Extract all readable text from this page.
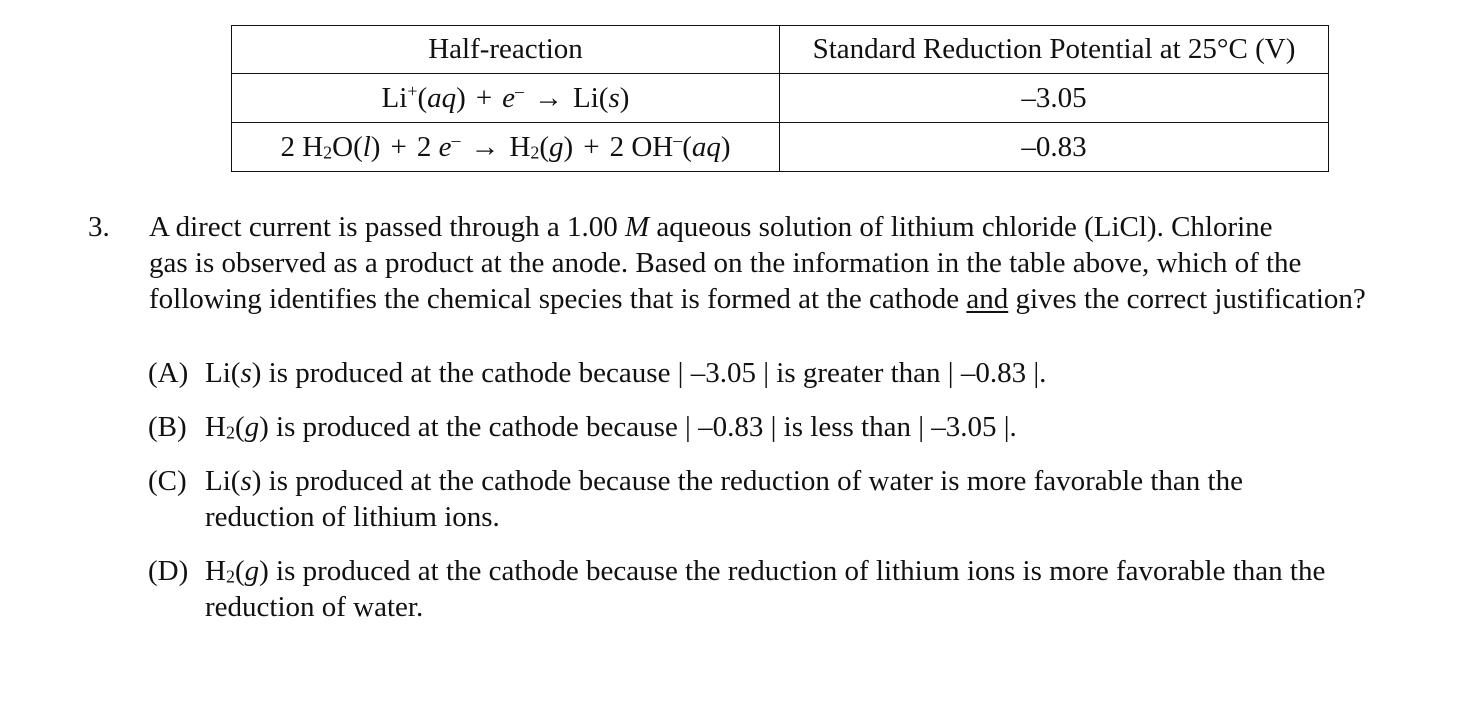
Half-reaction	Standard Reduction Potential at 25°C (V)
Li+(aq) + e– → Li(s)	–3.05
2 $H_2O(l) + 2$ $e^- \to H_2(g) + 2$ OH–(aq)	–0.83
3. A direct current is passed through a 1.00 M aqueous solution of lithium chloride (LiCl). Chlorine
gas is observed as a product at the anode. Based on the information in the table above, which of the
following identifies the chemical species that is formed at the cathode and gives the correct justification?
(A) Li(s) is produced at the cathode because | –3.05 | is greater than | –0.83 |.
(B) $H_2(g)$ is produced at the cathode because | –0.83 | is less than | –3.05 |.
(C) Li(s) is produced at the cathode because the reduction of water is more favorable than the
reduction of lithium ions.
(D) $H_2(g)$ is produced at the cathode because the reduction of lithium ions is more favorable than the
reduction of water.
